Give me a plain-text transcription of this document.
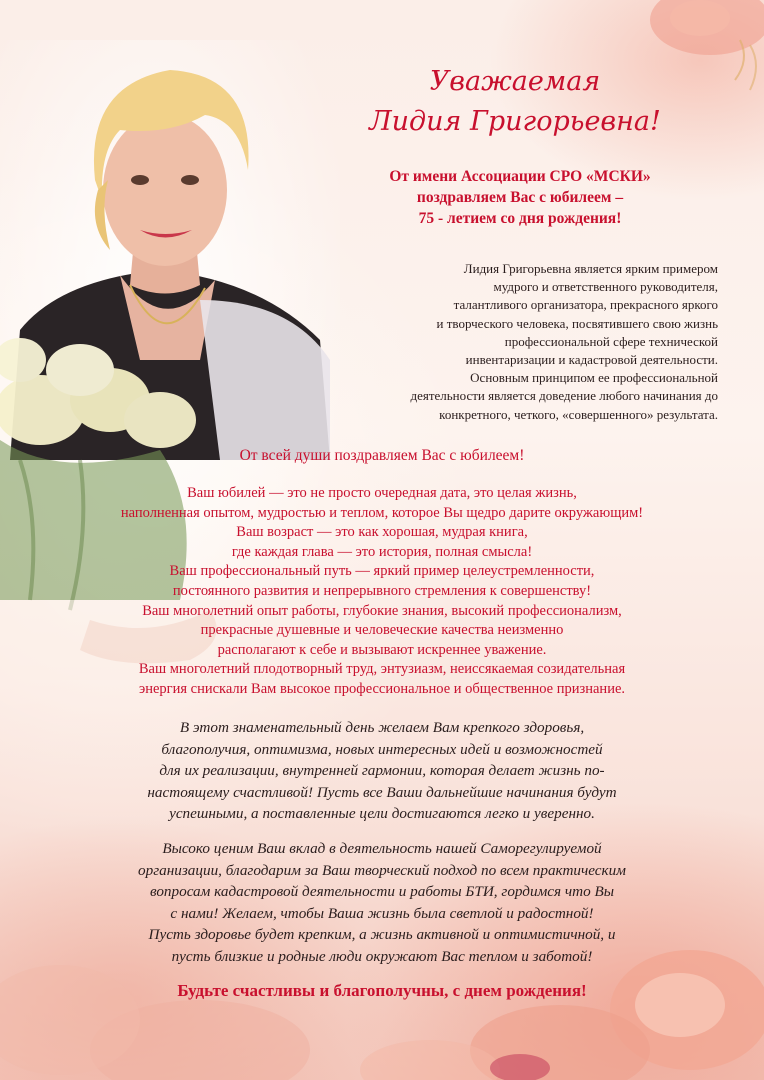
Уважаемая
Лидия Григорьевна!
От имени Ассоциации СРО «МСКИ»
поздравляем Вас с юбилеем –
75 - летием со дня рождения!
Лидия Григорьевна является ярким примером
мудрого и ответственного руководителя,
талантливого организатора, прекрасного яркого
и творческого человека, посвятившего свою жизнь
профессиональной сфере технической
инвентаризации и кадастровой деятельности.
Основным принципом ее профессиональной
деятельности является доведение любого начинания до
конкретного, четкого, «совершенного» результата.
От всей души поздравляем Вас с юбилеем!
Ваш юбилей — это не просто очередная дата, это целая жизнь,
наполненная опытом, мудростью и теплом, которое Вы щедро дарите окружающим!
Ваш возраст — это как хорошая, мудрая книга,
где каждая глава — это история, полная смысла!
Ваш профессиональный путь — яркий пример целеустремленности,
постоянного развития и непрерывного стремления к совершенству!
Ваш многолетний опыт работы, глубокие знания, высокий профессионализм,
прекрасные душевные и человеческие качества неизменно
располагают к себе и вызывают искреннее уважение.
Ваш многолетний плодотворный труд, энтузиазм, неиссякаемая созидательная
энергия снискали Вам высокое профессиональное и общественное признание.
В этот знаменательный день желаем Вам крепкого здоровья,
благополучия, оптимизма, новых интересных идей и возможностей
для их реализации, внутренней гармонии, которая делает жизнь по-
настоящему счастливой! Пусть все Ваши дальнейшие начинания будут
успешными, а поставленные цели достигаются легко и уверенно.
Высоко ценим Ваш вклад в деятельность нашей Саморегулируемой
организации, благодарим за Ваш творческий подход по всем практическим
вопросам кадастровой деятельности и работы БТИ, гордимся что Вы
с нами! Желаем, чтобы Ваша жизнь была светлой и радостной!
Пусть здоровье будет крепким, а жизнь активной и оптимистичной, и
пусть близкие и родные люди окружают Вас теплом и заботой!
Будьте счастливы и благополучны, с днем рождения!
